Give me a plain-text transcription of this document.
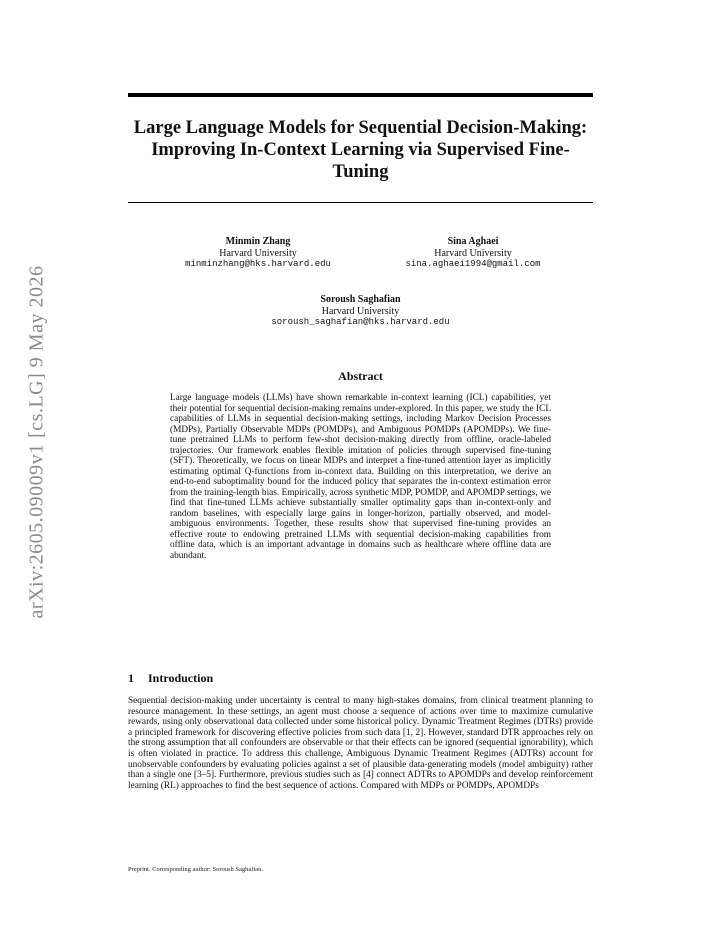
arXiv:2605.09009v1 [cs.LG] 9 May 2026
Large Language Models for Sequential Decision-Making: Improving In-Context Learning via Supervised Fine-Tuning
Minmin Zhang
Harvard University
minminzhang@hks.harvard.edu
Sina Aghaei
Harvard University
sina.aghaei1994@gmail.com
Soroush Saghafian
Harvard University
soroush_saghafian@hks.harvard.edu
Abstract
Large language models (LLMs) have shown remarkable in-context learning (ICL) capabilities, yet their potential for sequential decision-making remains under-explored. In this paper, we study the ICL capabilities of LLMs in sequential decision-making settings, including Markov Decision Processes (MDPs), Partially Observable MDPs (POMDPs), and Ambiguous POMDPs (APOMDPs). We fine-tune pretrained LLMs to perform few-shot decision-making directly from offline, oracle-labeled trajectories. Our framework enables flexible imitation of policies through supervised fine-tuning (SFT). Theoretically, we focus on linear MDPs and interpret a fine-tuned attention layer as implicitly estimating optimal Q-functions from in-context data. Building on this interpretation, we derive an end-to-end suboptimality bound for the induced policy that separates the in-context estimation error from the training-length bias. Empirically, across synthetic MDP, POMDP, and APOMDP settings, we find that fine-tuned LLMs achieve substantially smaller optimality gaps than in-context-only and random baselines, with especially large gains in longer-horizon, partially observed, and model-ambiguous environments. Together, these results show that supervised fine-tuning provides an effective route to endowing pretrained LLMs with sequential decision-making capabilities from offline data, which is an important advantage in domains such as healthcare where offline data are abundant.
1 Introduction
Sequential decision-making under uncertainty is central to many high-stakes domains, from clinical treatment planning to resource management. In these settings, an agent must choose a sequence of actions over time to maximize cumulative rewards, using only observational data collected under some historical policy. Dynamic Treatment Regimes (DTRs) provide a principled framework for discovering effective policies from such data [1, 2]. However, standard DTR approaches rely on the strong assumption that all confounders are observable or that their effects can be ignored (sequential ignorability), which is often violated in practice. To address this challenge, Ambiguous Dynamic Treatment Regimes (ADTRs) account for unobservable confounders by evaluating policies against a set of plausible data-generating models (model ambiguity) rather than a single one [3–5]. Furthermore, previous studies such as [4] connect ADTRs to APOMDPs and develop reinforcement learning (RL) approaches to find the best sequence of actions. Compared with MDPs or POMDPs, APOMDPs
Preprint. Corresponding author: Soroush Saghafian.
